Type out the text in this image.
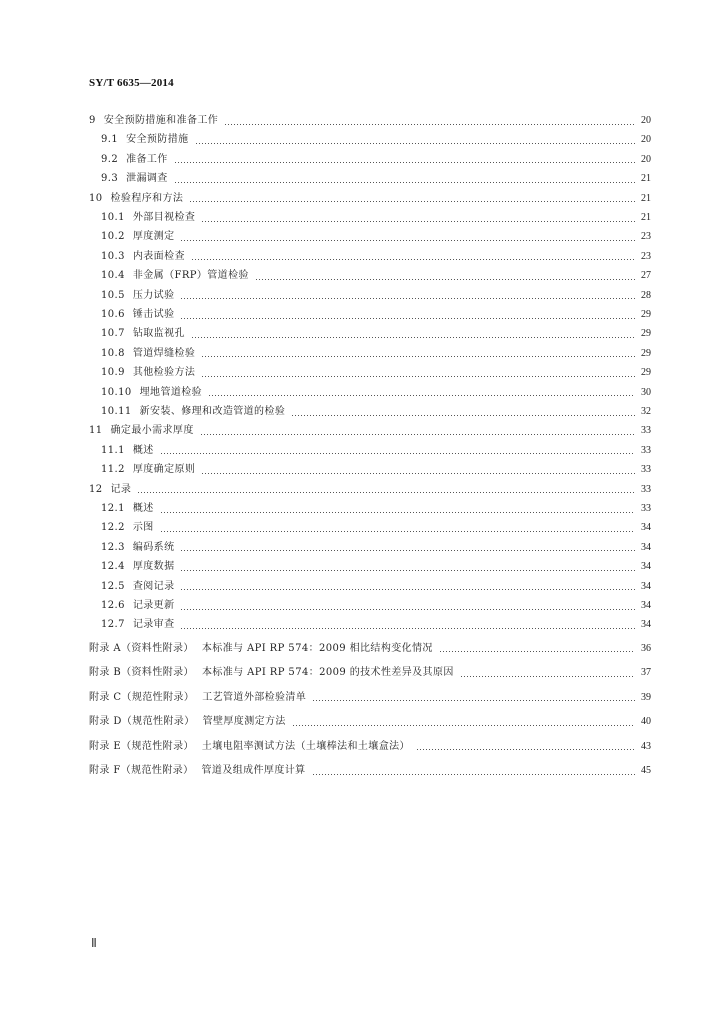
SY/T 6635—2014
9 安全预防措施和准备工作	20
9.1 安全预防措施	20
9.2 准备工作	20
9.3 泄漏调查	21
10 检验程序和方法	21
10.1 外部目视检查	21
10.2 厚度测定	23
10.3 内表面检查	23
10.4 非金属（FRP）管道检验	27
10.5 压力试验	28
10.6 锤击试验	29
10.7 钻取监视孔	29
10.8 管道焊缝检验	29
10.9 其他检验方法	29
10.10 埋地管道检验	30
10.11 新安装、修理和改造管道的检验	32
11 确定最小需求厚度	33
11.1 概述	33
11.2 厚度确定原则	33
12 记录	33
12.1 概述	33
12.2 示图	34
12.3 编码系统	34
12.4 厚度数据	34
12.5 查阅记录	34
12.6 记录更新	34
12.7 记录审查	34
附录 A（资料性附录） 本标准与 API RP 574：2009 相比结构变化情况	36
附录 B（资料性附录） 本标准与 API RP 574：2009 的技术性差异及其原因	37
附录 C（规范性附录） 工艺管道外部检验清单	39
附录 D（规范性附录） 管壁厚度测定方法	40
附录 E（规范性附录） 土壤电阻率测试方法（土壤棒法和土壤盒法）	43
附录 F（规范性附录） 管道及组成件厚度计算	45
Ⅱ
